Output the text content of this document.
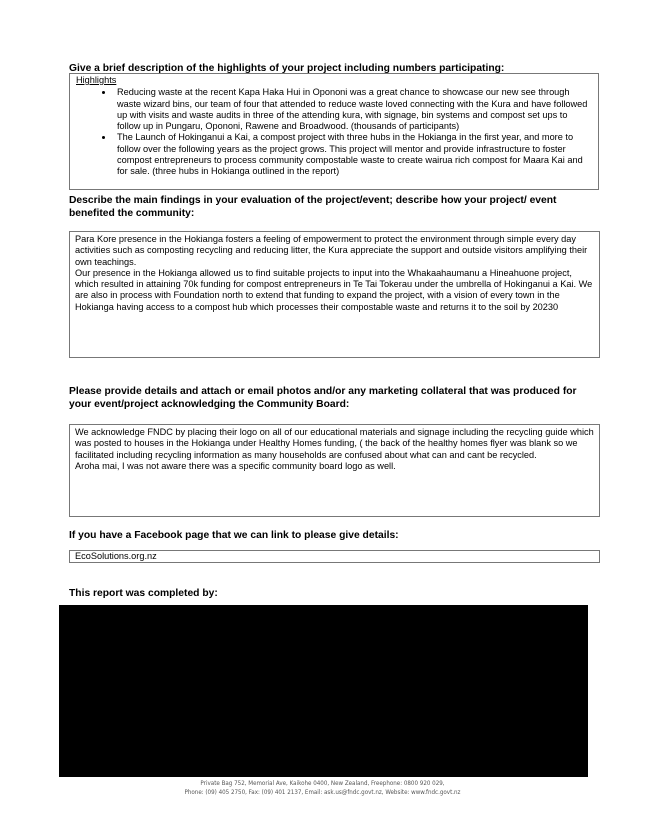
Give a brief description of the highlights of your project including numbers participating:

Highlights
• Reducing waste at the recent Kapa Haka Hui in Opononi was a great chance to showcase our new see through waste wizard bins, our team of four that attended to reduce waste loved connecting with the Kura and have followed up with visits and waste audits in three of the attending kura, with signage, bin systems and compost set ups to follow up in Pungaru, Opononi, Rawene and Broadwood. (thousands of participants)
• The Launch of Hokinganui a Kai, a compost project with three hubs in the Hokianga in the first year, and more to follow over the following years as the project grows. This project will mentor and provide infrastructure to foster compost entrepreneurs to process community compostable waste to create wairua rich compost for Maara Kai and for sale. (three hubs in Hokianga outlined in the report)

Describe the main findings in your evaluation of the project/event; describe how your project/ event benefited the community:

Para Kore presence in the Hokianga fosters a feeling of empowerment to protect the environment through simple every day activities such as composting recycling and reducing litter, the Kura appreciate the support and outside visitors amplifying their own teachings.

Our presence in the Hokianga allowed us to find suitable projects to input into the Whakaahaumanu a Hineahuone project, which resulted in attaining 70k funding for compost entrepreneurs in Te Tai Tokerau under the umbrella of Hokinganui a Kai. We are also in process with Foundation north to extend that funding to expand the project, with a vision of every town in the Hokianga having access to a compost hub which processes their compostable waste and returns it to the soil by 20230

Please provide details and attach or email photos and/or any marketing collateral that was produced for your event/project acknowledging the Community Board:

We acknowledge FNDC by placing their logo on all of our educational materials and signage including the recycling guide which was posted to houses in the Hokianga under Healthy Homes funding, ( the back of the healthy homes flyer was blank so we facilitated including recycling information as many households are confused about what can and cant be recycled.

Aroha mai, I was not aware there was a specific community board logo as well.

If you have a Facebook page that we can link to please give details:

EcoSolutions.org.nz

This report was completed by:

Private Bag 752, Memorial Ave, Kaikohe 0400, New Zealand, Freephone: 0800 920 029,
Phone: (09) 405 2750, Fax: (09) 401 2137, Email: ask.us@fndc.govt.nz, Website: www.fndc.govt.nz
